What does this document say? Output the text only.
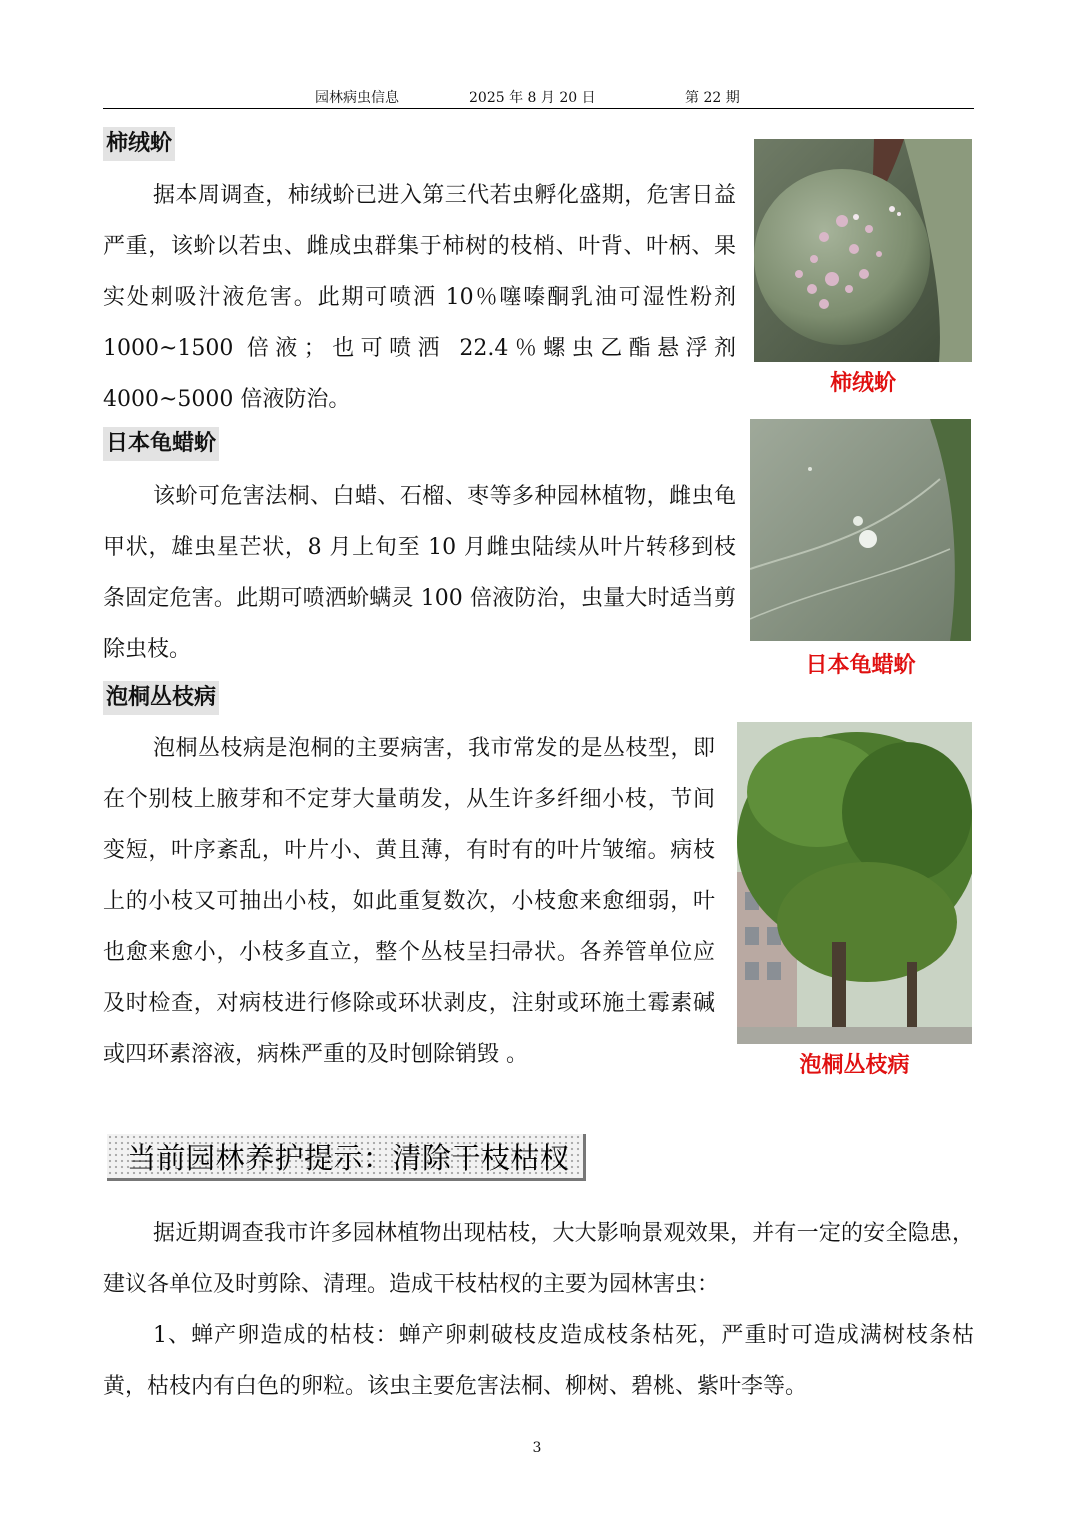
园林病虫信息	2025 年 8 月 20 日	第 22 期
柿绒蚧

据本周调查，柿绒蚧已进入第三代若虫孵化盛期，危害日益严重，该蚧以若虫、雌成虫群集于柿树的枝梢、叶背、叶柄、果实处刺吸汁液危害。此期可喷洒 10％噻嗪酮乳油可湿性粉剂 1000~1500 倍液；也可喷洒 22.4％螺虫乙酯悬浮剂 4000~5000 倍液防治。

柿绒蚧
日本龟蜡蚧

该蚧可危害法桐、白蜡、石榴、枣等多种园林植物，雌虫龟甲状，雄虫星芒状，8 月上旬至 10 月雌虫陆续从叶片转移到枝条固定危害。此期可喷洒蚧螨灵 100 倍液防治，虫量大时适当剪除虫枝。

日本龟蜡蚧
泡桐丛枝病

泡桐丛枝病是泡桐的主要病害，我市常发的是丛枝型，即在个别枝上腋芽和不定芽大量萌发，从生许多纤细小枝，节间变短，叶序紊乱，叶片小、黄且薄，有时有的叶片皱缩。病枝上的小枝又可抽出小枝，如此重复数次，小枝愈来愈细弱，叶也愈来愈小，小枝多直立，整个丛枝呈扫帚状。各养管单位应及时检查，对病枝进行修除或环状剥皮，注射或环施土霉素碱或四环素溶液，病株严重的及时刨除销毁 。	泡桐丛枝病
当前园林养护提示：清除干枝枯杈

据近期调查我市许多园林植物出现枯枝，大大影响景观效果，并有一定的安全隐患，建议各单位及时剪除、清理。造成干枝枯杈的主要为园林害虫：

1、蝉产卵造成的枯枝：蝉产卵刺破枝皮造成枝条枯死，严重时可造成满树枝条枯黄，枯枝内有白色的卵粒。该虫主要危害法桐、柳树、碧桃、紫叶李等。

3
